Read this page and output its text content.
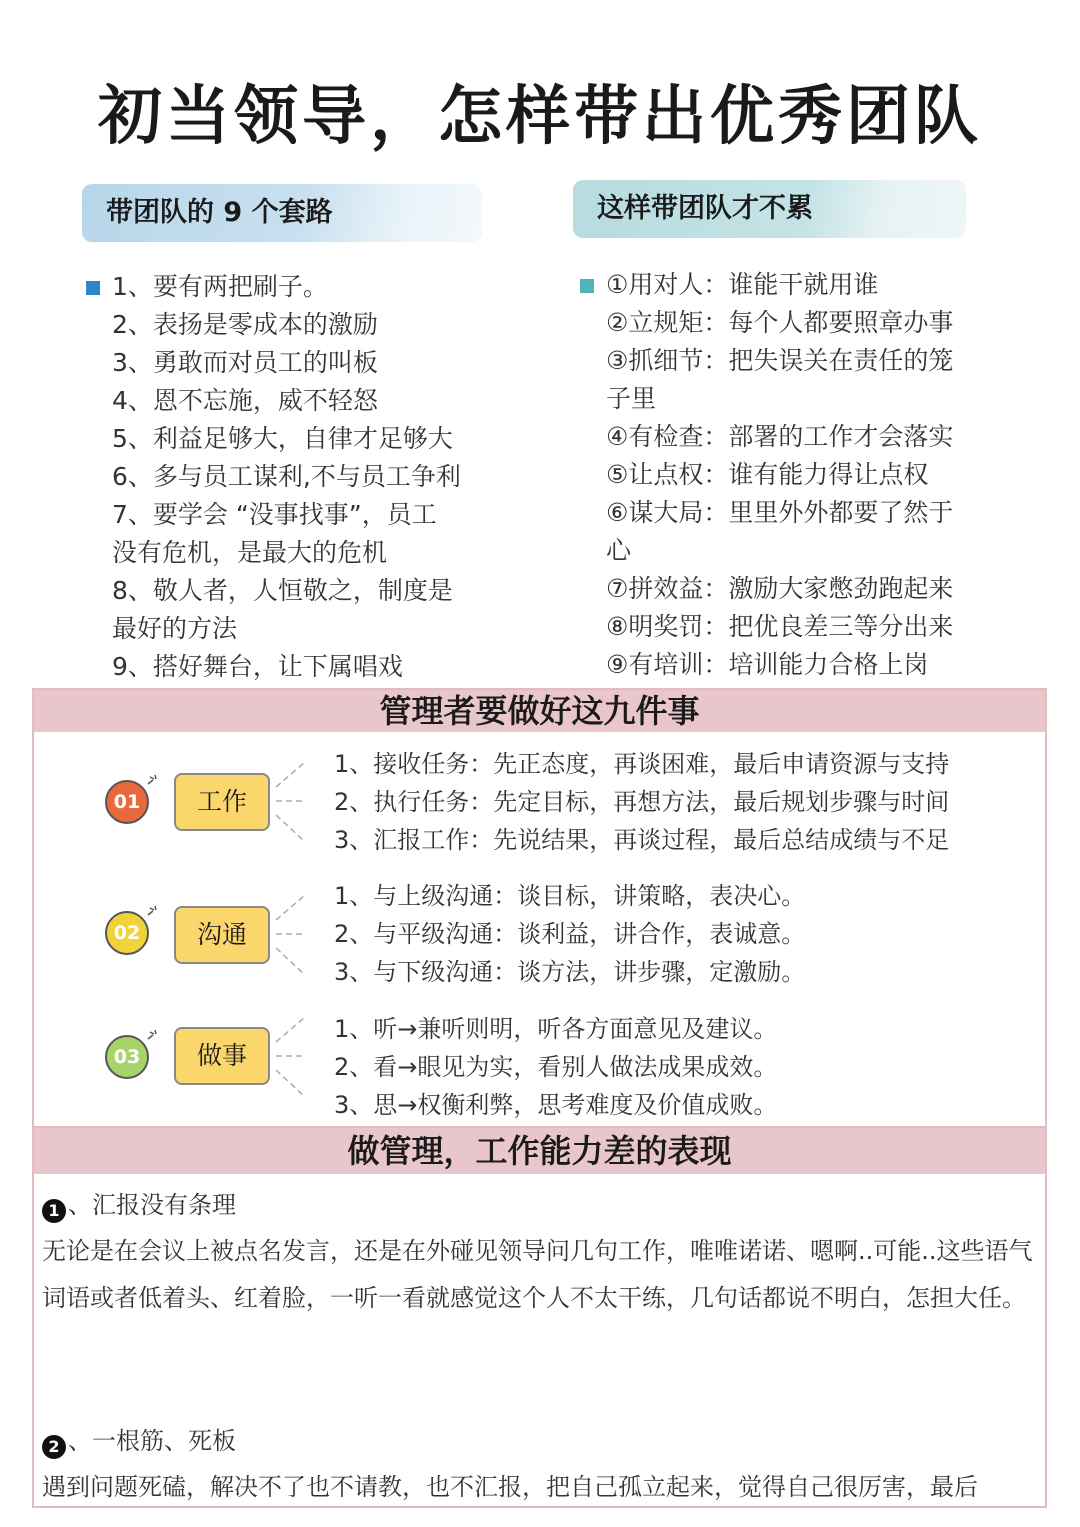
初当领导，怎样带出优秀团队
带团队的 9 个套路	这样带团队才不累
1、要有两把刷子。
2、表扬是零成本的激励
3、勇敢而对员工的叫板
4、恩不忘施，威不轻怒
5、利益足够大，自律才足够大
6、多与员工谋利,不与员工争利
7、要学会 “没事找事”，员工
没有危机，是最大的危机
8、敬人者，人恒敬之，制度是
最好的方法
9、搭好舞台，让下属唱戏
①用对人：谁能干就用谁
②立规矩：每个人都要照章办事
③抓细节：把失误关在责任的笼
子里
④有检查：部署的工作才会落实
⑤让点权：谁有能力得让点权
⑥谋大局：里里外外都要了然于
心
⑦拼效益：激励大家憋劲跑起来
⑧明奖罚：把优良差三等分出来
⑨有培训：培训能力合格上岗
管理者要做好这九件事
01	工作
1、接收任务：先正态度，再谈困难，最后申请资源与支持
2、执行任务：先定目标，再想方法，最后规划步骤与时间
3、汇报工作：先说结果，再谈过程，最后总结成绩与不足
02	沟通
1、与上级沟通：谈目标，讲策略，表决心。
2、与平级沟通：谈利益，讲合作，表诚意。
3、与下级沟通：谈方法，讲步骤，定激励。
03	做事
1、听→兼听则明，听各方面意见及建议。
2、看→眼见为实，看别人做法成果成效。
3、思→权衡利弊，思考难度及价值成败。
做管理，工作能力差的表现
1 、汇报没有条理
无论是在会议上被点名发言，还是在外碰见领导问几句工作，唯唯诺诺、嗯啊..可能..这些语气词语或者低着头、红着脸，一听一看就感觉这个人不太干练，几句话都说不明白，怎担大任。
2 、一根筋、死板
遇到问题死磕，解决不了也不请教，也不汇报，把自己孤立起来，觉得自己很厉害，最后
